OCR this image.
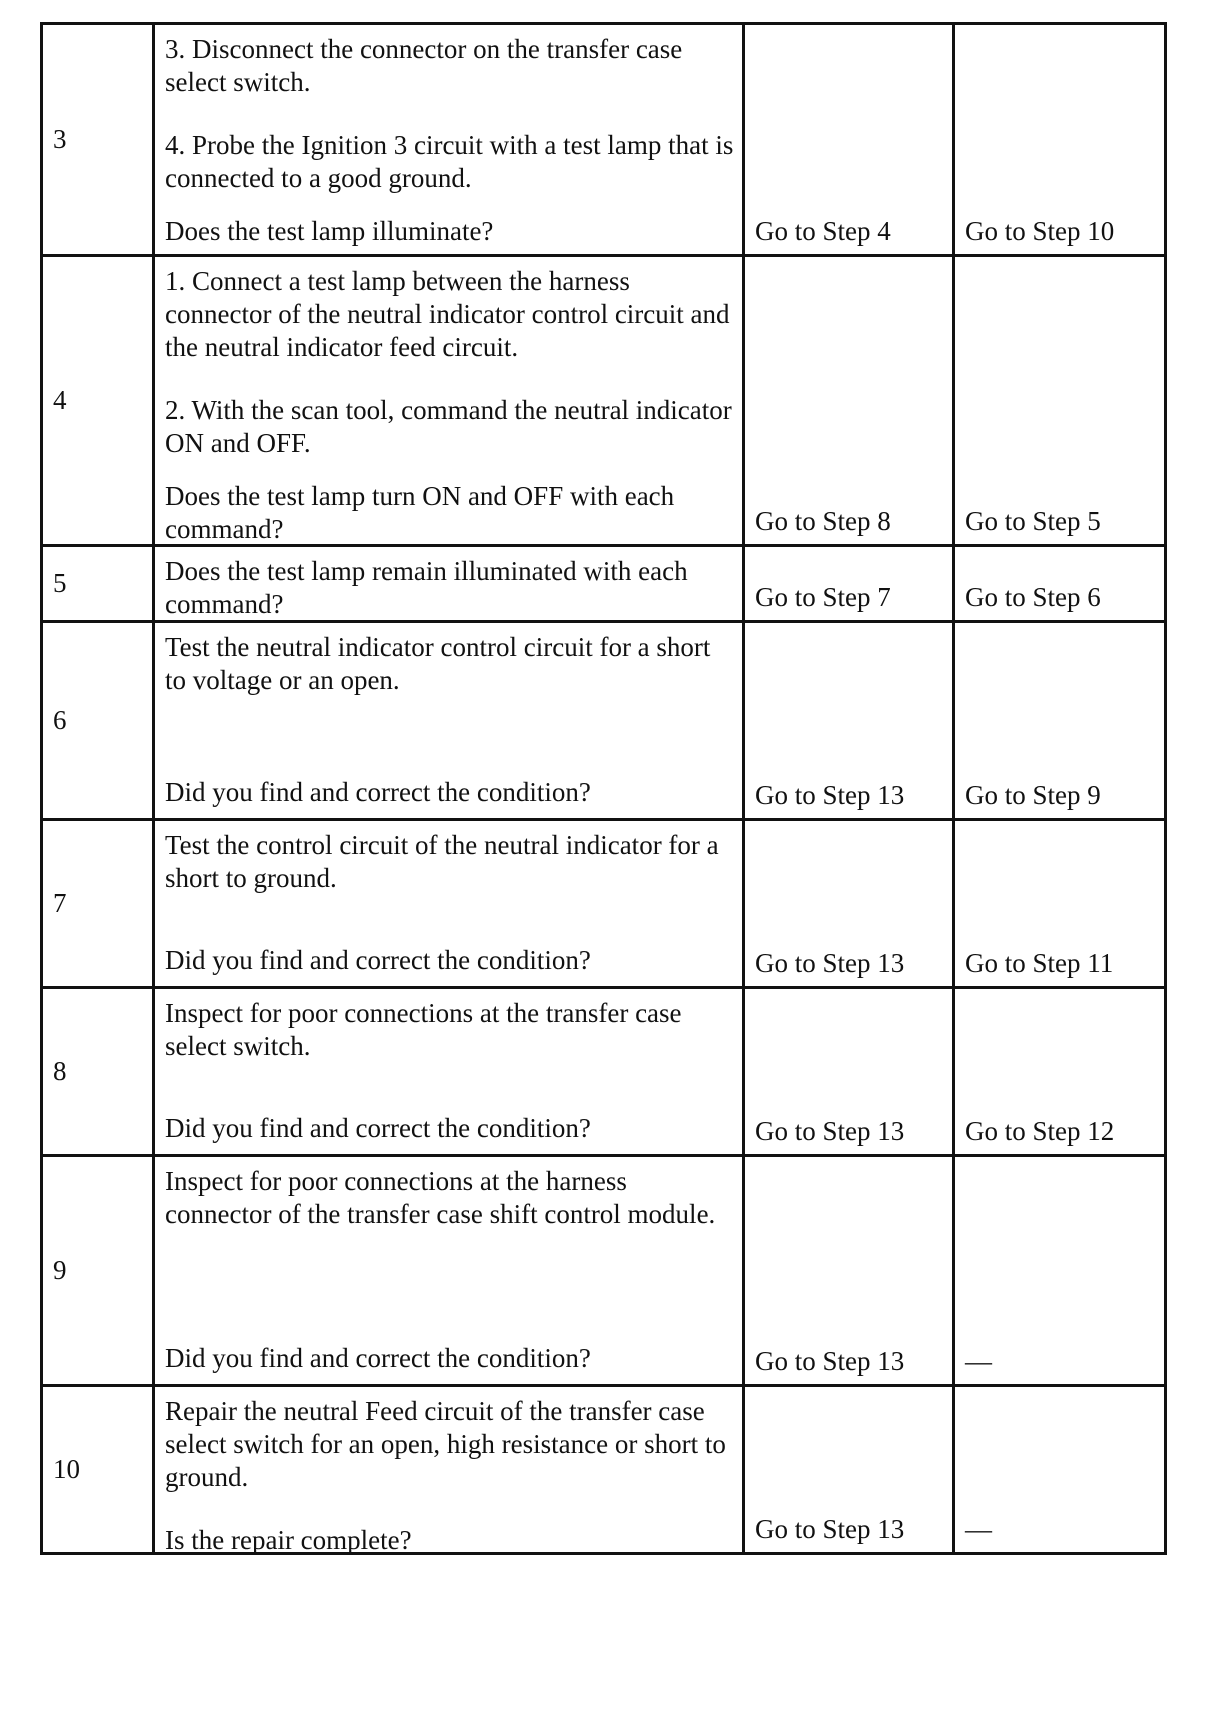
3	3. Disconnect the connector on the transfer case select switch.

4. Probe the Ignition 3 circuit with a test lamp that is connected to a good ground.

Does the test lamp illuminate?	Go to Step 4	Go to Step 10

4	1. Connect a test lamp between the harness connector of the neutral indicator control circuit and the neutral indicator feed circuit.

2. With the scan tool, command the neutral indicator ON and OFF.

Does the test lamp turn ON and OFF with each command?	Go to Step 8	Go to Step 5

5	Does the test lamp remain illuminated with each command?	Go to Step 7	Go to Step 6

6	Test the neutral indicator control circuit for a short to voltage or an open.

Did you find and correct the condition?	Go to Step 13	Go to Step 9

7	Test the control circuit of the neutral indicator for a short to ground.

Did you find and correct the condition?	Go to Step 13	Go to Step 11

8	Inspect for poor connections at the transfer case select switch.

Did you find and correct the condition?	Go to Step 13	Go to Step 12

9	Inspect for poor connections at the harness connector of the transfer case shift control module.

Did you find and correct the condition?	Go to Step 13	—

10	Repair the neutral Feed circuit of the transfer case select switch for an open, high resistance or short to ground.

Is the repair complete?	Go to Step 13	—
